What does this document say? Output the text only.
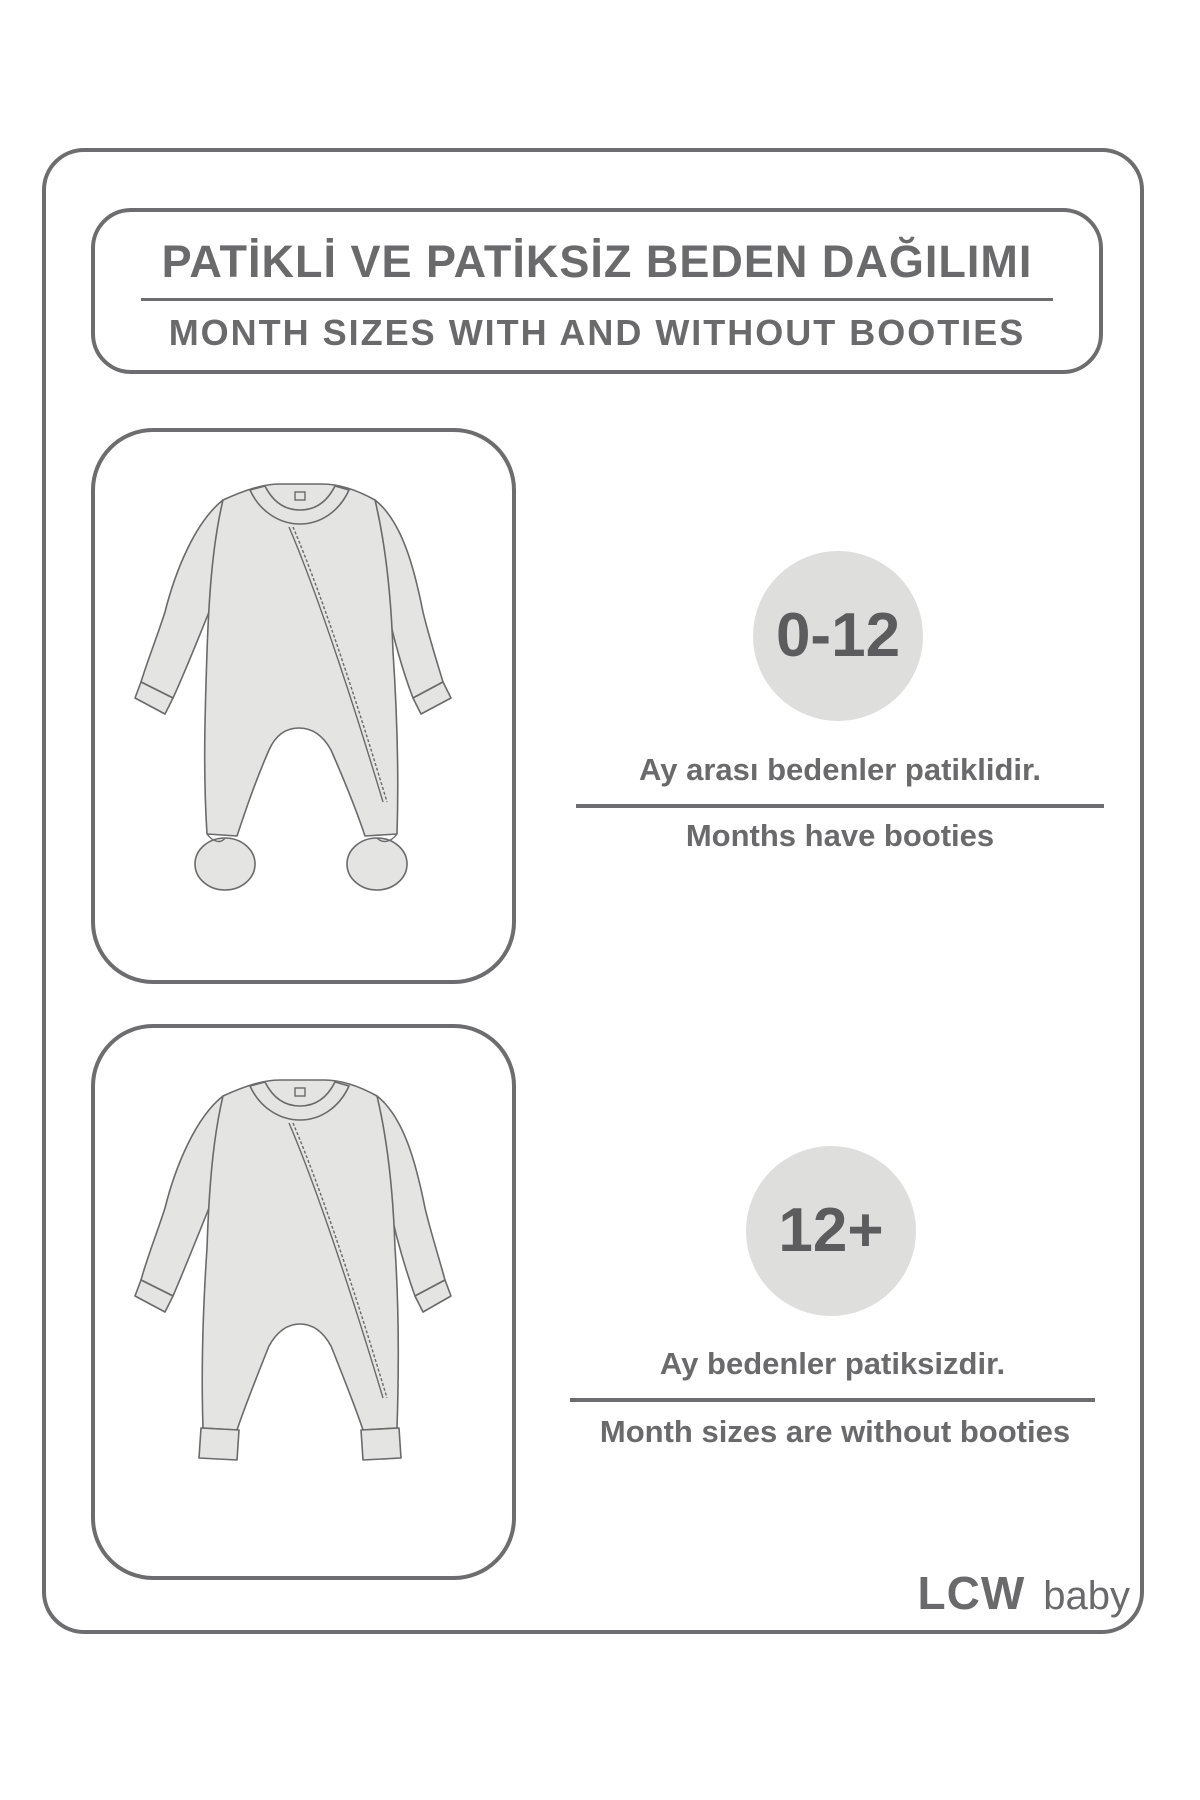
PATİKLİ VE PATİKSİZ BEDEN DAĞILIMI
MONTH SIZES WITH AND WITHOUT BOOTIES
0-12
Ay arası bedenler patiklidir.
Months have booties
12+
Ay bedenler patiksizdir.
Month sizes are without booties
LCW baby
